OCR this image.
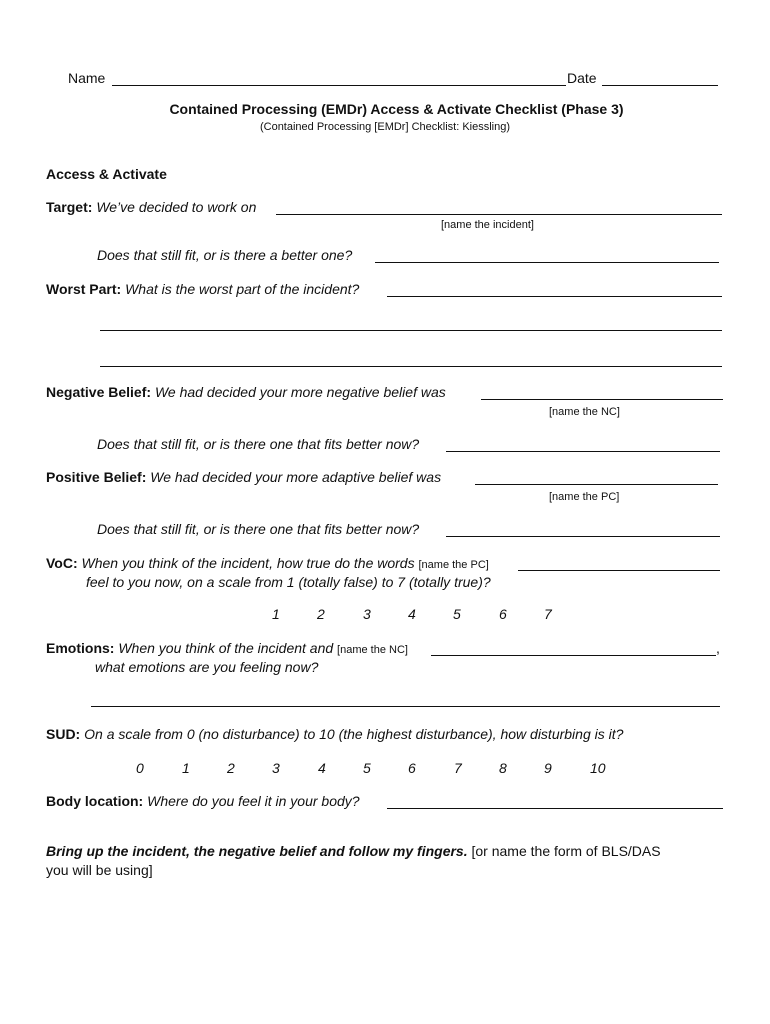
Name	Date
Contained Processing (EMDr) Access & Activate Checklist (Phase 3)
(Contained Processing [EMDr] Checklist: Kiessling)
Access & Activate
Target: We’ve decided to work on
[name the incident]
Does that still fit, or is there a better one?
Worst Part: What is the worst part of the incident?
Negative Belief: We had decided your more negative belief was
[name the NC]
Does that still fit, or is there one that fits better now?
Positive Belief: We had decided your more adaptive belief was
[name the PC]
Does that still fit, or is there one that fits better now?
VoC: When you think of the incident, how true do the words [name the PC]
feel to you now, on a scale from 1 (totally false) to 7 (totally true)?
1	2	3	4	5	6	7
Emotions: When you think of the incident and [name the NC]	,
what emotions are you feeling now?
SUD: On a scale from 0 (no disturbance) to 10 (the highest disturbance), how disturbing is it?
0	1	2	3	4	5	6	7	8	9	10
Body location: Where do you feel it in your body?
Bring up the incident, the negative belief and follow my fingers. [or name the form of BLS/DAS
you will be using]
